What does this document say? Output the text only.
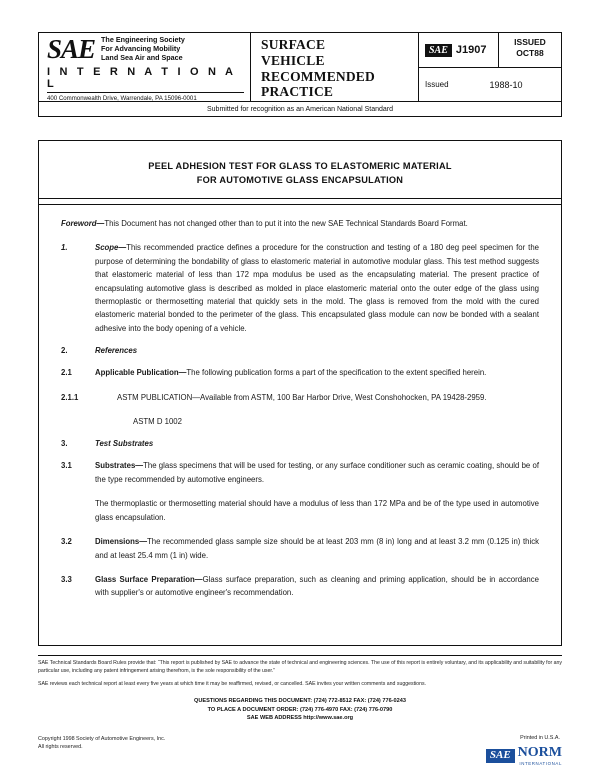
SAE The Engineering Society
For Advancing Mobility
Land Sea Air and Space
I N T E R N A T I O N A L
400 Commonwealth Drive, Warrendale, PA 15096-0001
SURFACE
VEHICLE
RECOMMENDED
PRACTICE
SAE J1907
ISSUED
OCT88
Issued	1988-10
Submitted for recognition as an American National Standard
PEEL ADHESION TEST FOR GLASS TO ELASTOMERIC MATERIAL
FOR AUTOMOTIVE GLASS ENCAPSULATION
Foreword—This Document has not changed other than to put it into the new SAE Technical Standards Board Format.
1.	Scope—This recommended practice defines a procedure for the construction and testing of a 180 deg peel specimen for the purpose of determining the bondability of glass to elastomeric material in automotive modular glass. This test method suggests that elastomeric material of less than 172 mpa modulus be used as the encapsulating material. The present practice of encapsulating automotive glass is described as molded in place elastomeric material onto the outer edge of the glass using thermoplastic or thermosetting material that quickly sets in the mold. The glass is removed from the mold with the cured elastomeric material bonded to the perimeter of the glass. This encapsulated glass module can now be bonded with a sealant adhesive into the body opening of a vehicle.
2.	References
2.1	Applicable Publication—The following publication forms a part of the specification to the extent specified herein.
2.1.1	ASTM PUBLICATION—Available from ASTM, 100 Bar Harbor Drive, West Conshohocken, PA 19428-2959.
ASTM D 1002
3.	Test Substrates
3.1	Substrates—The glass specimens that will be used for testing, or any surface conditioner such as ceramic coating, should be of the type recommended by automotive engineers.
The thermoplastic or thermosetting material should have a modulus of less than 172 MPa and be of the type used in automotive glass encapsulation.
3.2	Dimensions—The recommended glass sample size should be at least 203 mm (8 in) long and at least 3.2 mm (0.125 in) thick and at least 25.4 mm (1 in) wide.
3.3	Glass Surface Preparation—Glass surface preparation, such as cleaning and priming application, should be in accordance with supplier's or automotive engineer's recommendation.
SAE Technical Standards Board Rules provide that: “This report is published by SAE to advance the state of technical and engineering sciences. The use of this report is entirely voluntary, and its applicability and suitability for any particular use, including any patent infringement arising therefrom, is the sole responsibility of the user.”
SAE reviews each technical report at least every five years at which time it may be reaffirmed, revised, or cancelled. SAE invites your written comments and suggestions.
QUESTIONS REGARDING THIS DOCUMENT: (724) 772-8512 FAX: (724) 776-0243
TO PLACE A DOCUMENT ORDER: (724) 776-4970 FAX: (724) 776-0790
SAE WEB ADDRESS http://www.sae.org
Copyright 1998 Society of Automotive Engineers, Inc.
All rights reserved.
Printed in U.S.A.
SAE NORM
INTERNATIONAL
